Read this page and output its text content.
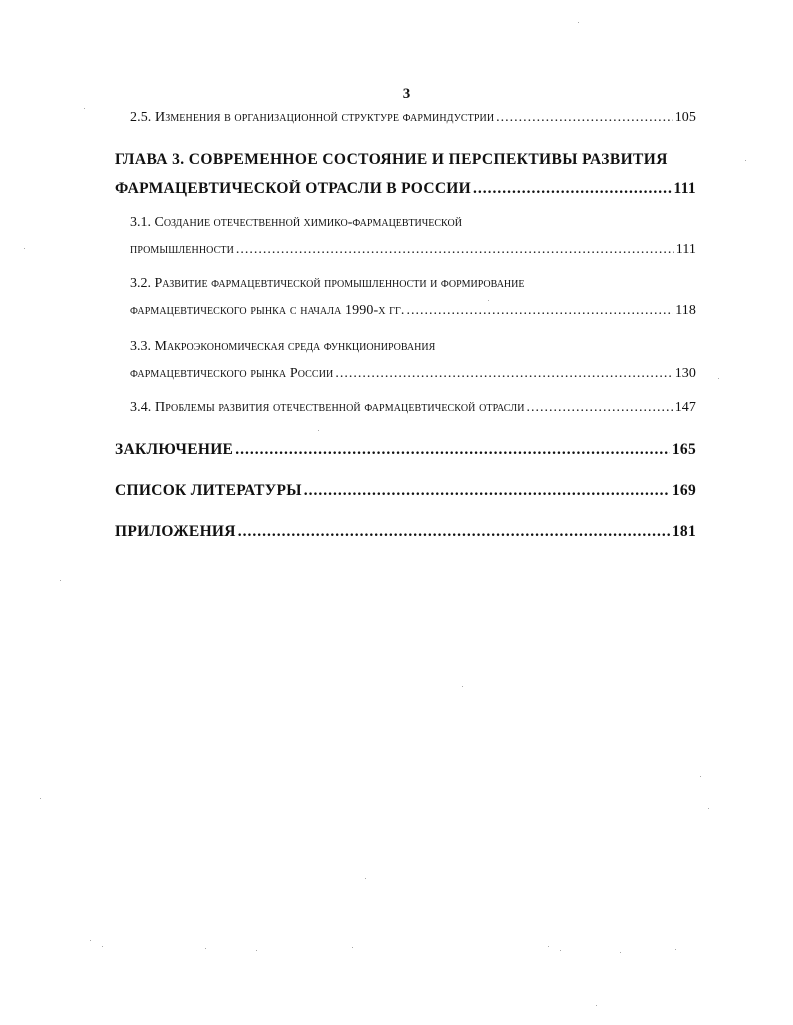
3
2.5. Изменения в организационной структуре фарминдустрии .....	105
ГЛАВА 3. СОВРЕМЕННОЕ СОСТОЯНИЕ И ПЕРСПЕКТИВЫ РАЗВИТИЯ
ФАРМАЦЕВТИЧЕСКОЙ ОТРАСЛИ В РОССИИ .....	111
3.1. Создание отечественной химико-фармацевтической
промышленности .....	111
3.2. Развитие фармацевтической промышленности и формирование
фармацевтического рынка с начала 1990-х гг. .....	118
3.3. Макроэкономическая среда функционирования
фармацевтического рынка России .....	130
3.4. Проблемы развития отечественной фармацевтической отрасли .....	147
ЗАКЛЮЧЕНИЕ .....	165
СПИСОК ЛИТЕРАТУРЫ .....	169
ПРИЛОЖЕНИЯ .....	181
